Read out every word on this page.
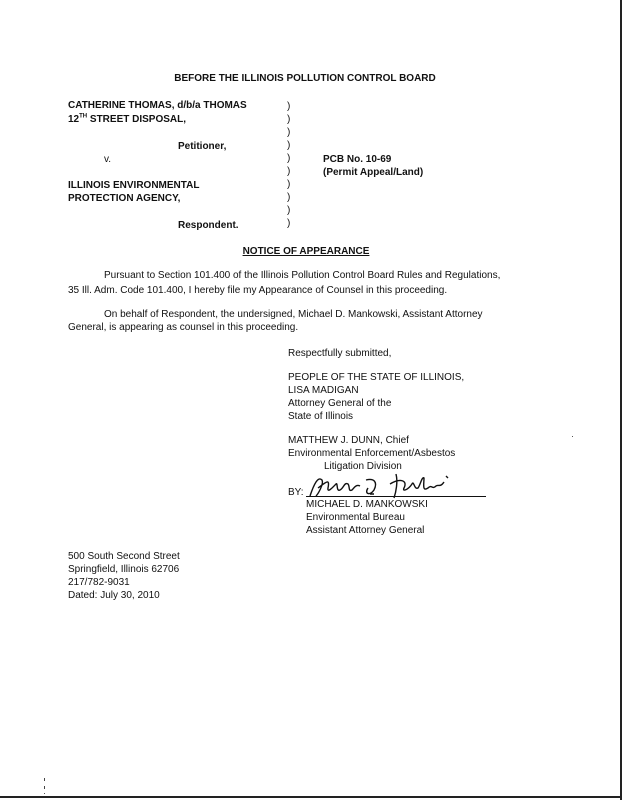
BEFORE THE ILLINOIS POLLUTION CONTROL BOARD
CATHERINE THOMAS, d/b/a THOMAS
12TH STREET DISPOSAL,
Petitioner,
v.
ILLINOIS ENVIRONMENTAL
PROTECTION AGENCY,
Respondent.
)
)
)
)
)
)
)
)
)
)
PCB No. 10-69
(Permit Appeal/Land)
NOTICE OF APPEARANCE
Pursuant to Section 101.400 of the Illinois Pollution Control Board Rules and Regulations,
35 Ill. Adm. Code 101.400, I hereby file my Appearance of Counsel in this proceeding.
On behalf of Respondent, the undersigned, Michael D. Mankowski, Assistant Attorney
General, is appearing as counsel in this proceeding.
Respectfully submitted,
PEOPLE OF THE STATE OF ILLINOIS,
LISA MADIGAN
Attorney General of the
State of Illinois
MATTHEW J. DUNN, Chief
Environmental Enforcement/Asbestos
Litigation Division
BY:
MICHAEL D. MANKOWSKI
Environmental Bureau
Assistant Attorney General
500 South Second Street
Springfield, Illinois 62706
217/782-9031
Dated: July 30, 2010
